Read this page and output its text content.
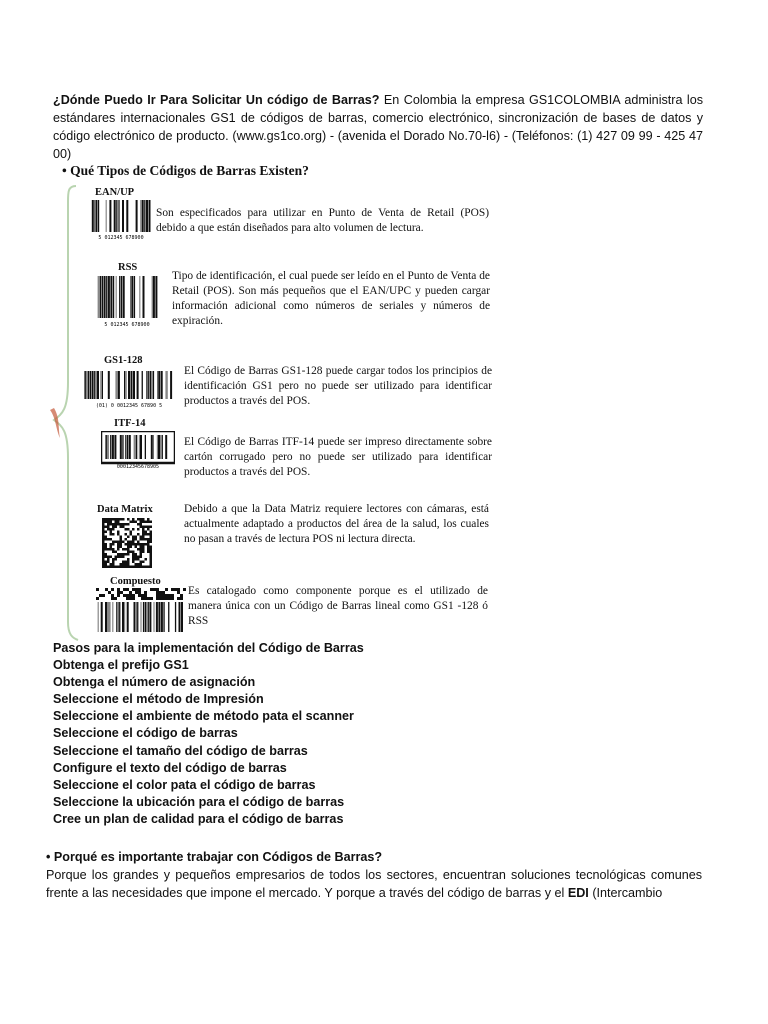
¿Dónde Puedo Ir Para Solicitar Un código de Barras? En Colombia la empresa GS1COLOMBIA administra los estándares internacionales GS1 de códigos de barras, comercio electrónico, sincronización de bases de datos y código electrónico de producto. (www.gs1co.org) - (avenida el Dorado No.70-l6) - (Teléfonos: (1) 427 09 99 - 425 47 00)
• Qué Tipos de Códigos de Barras Existen?
EAN/UP
5 012345 678900
Son especificados para utilizar en Punto de Venta de Retail (POS) debido a que están diseñados para alto volumen de lectura.
RSS
5 012345 678900
Tipo de identificación, el cual puede ser leído en el Punto de Venta de Retail (POS). Son más pequeños que el EAN/UPC y pueden cargar información adicional como números de seriales y números de expiración.
GS1-128
(01) 0 0012345 67890 5
El Código de Barras GS1-128 puede cargar todos los principios de identificación GS1 pero no puede ser utilizado para identificar productos a través del POS.
ITF-14
00012345678905
El Código de Barras ITF-14 puede ser impreso directamente sobre cartón corrugado pero no puede ser utilizado para identificar productos a través del POS.
Data Matrix	Debido a que la Data Matriz requiere lectores con cámaras, está actualmente adaptado a productos del área de la salud, los cuales no pasan a través de lectura POS ni lectura directa.
Compuesto
Es catalogado como componente porque es el utilizado de manera única con un Código de Barras lineal como GS1 -128 ó RSS
Pasos para la implementación del Código de Barras
Obtenga el prefijo GS1
Obtenga el número de asignación
Seleccione el método de Impresión
Seleccione el ambiente de método pata el scanner
Seleccione el código de barras
Seleccione el tamaño del código de barras
Configure el texto del código de barras
Seleccione el color pata el código de barras
Seleccione la ubicación para el código de barras
Cree un plan de calidad para el código de barras
• Porqué es importante trabajar con Códigos de Barras?
Porque los grandes y pequeños empresarios de todos los sectores, encuentran soluciones tecnológicas comunes frente a las necesidades que impone el mercado. Y porque a través del código de barras y el EDI (Intercambio
